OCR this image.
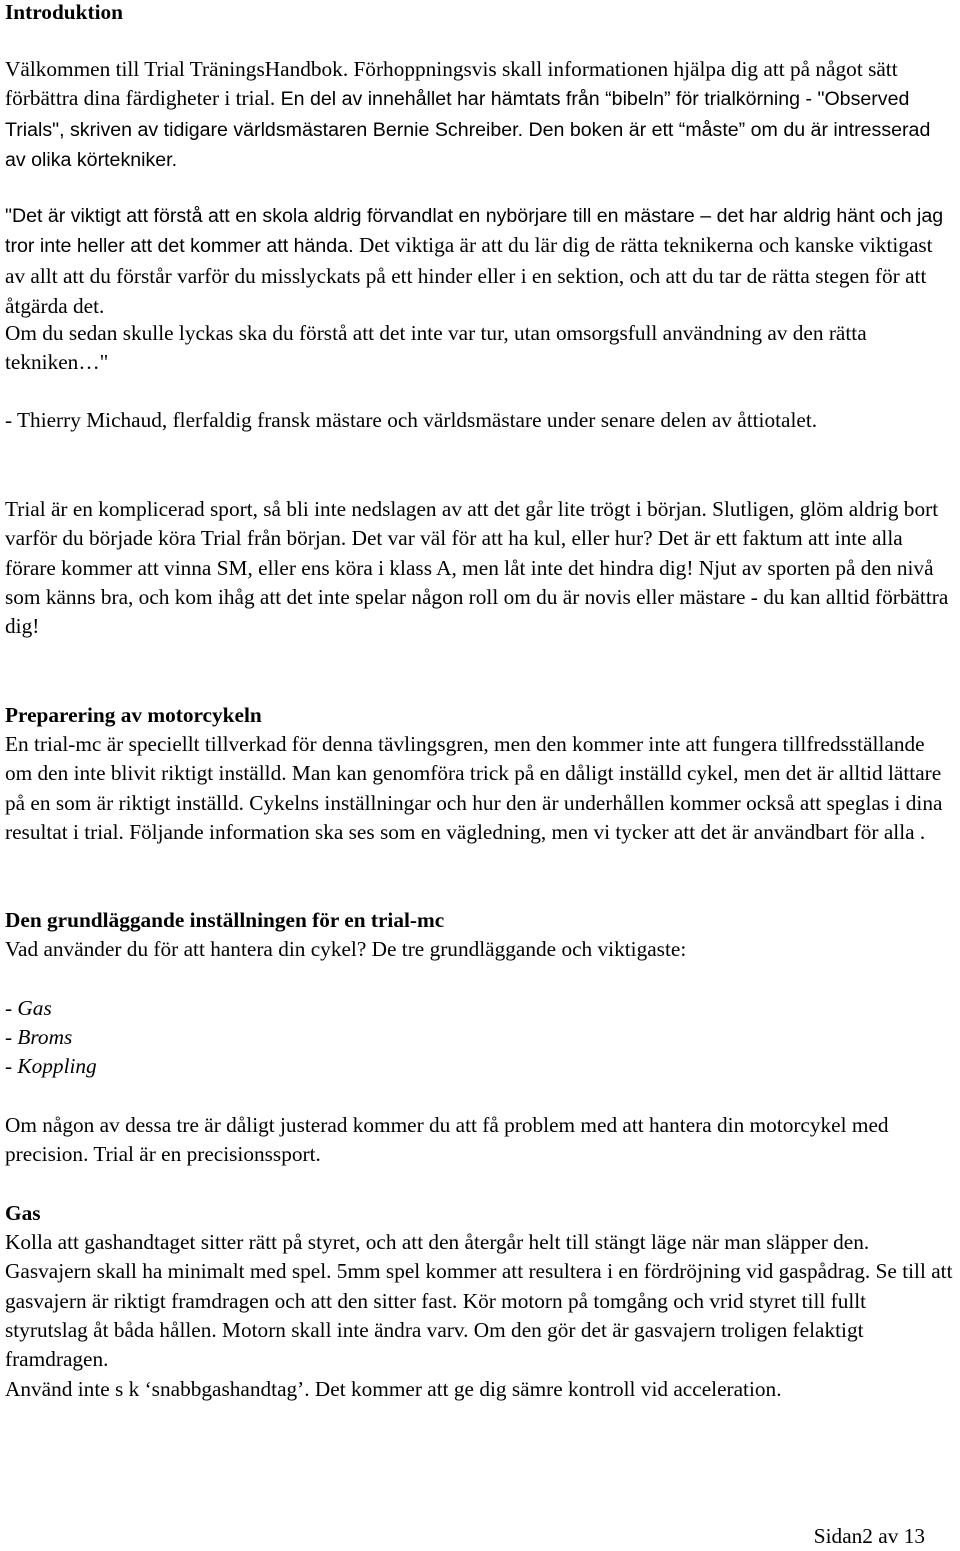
Introduktion
Välkommen till Trial TräningsHandbok. Förhoppningsvis skall informationen hjälpa dig att på något sätt förbättra dina färdigheter i trial. En del av innehållet har hämtats från “bibeln” för trialkörning - "Observed Trials", skriven av tidigare världsmästaren Bernie Schreiber. Den boken är ett “måste” om du är intresserad av olika körtekniker.
"Det är viktigt att förstå att en skola aldrig förvandlat en nybörjare till en mästare – det har aldrig hänt och jag tror inte heller att det kommer att hända. Det viktiga är att du lär dig de rätta teknikerna och kanske viktigast av allt att du förstår varför du misslyckats på ett hinder eller i en sektion, och att du tar de rätta stegen för att åtgärda det.
Om du sedan skulle lyckas ska du förstå att det inte var tur, utan omsorgsfull användning av den rätta tekniken…"
- Thierry Michaud, flerfaldig fransk mästare och världsmästare under senare delen av åttiotalet.
Trial är en komplicerad sport, så bli inte nedslagen av att det går lite trögt i början. Slutligen, glöm aldrig bort varför du började köra Trial från början. Det var väl för att ha kul, eller hur? Det är ett faktum att inte alla förare kommer att vinna SM, eller ens köra i klass A, men låt inte det hindra dig! Njut av sporten på den nivå som känns bra, och kom ihåg att det inte spelar någon roll om du är novis eller mästare - du kan alltid förbättra dig!
Preparering av motorcykeln
En trial-mc är speciellt tillverkad för denna tävlingsgren, men den kommer inte att fungera tillfredsställande om den inte blivit riktigt inställd. Man kan genomföra trick på en dåligt inställd cykel, men det är alltid lättare på en som är riktigt inställd. Cykelns inställningar och hur den är underhållen kommer också att speglas i dina resultat i trial. Följande information ska ses som en vägledning, men vi tycker att det är användbart för alla .
Den grundläggande inställningen för en trial-mc
Vad använder du för att hantera din cykel? De tre grundläggande och viktigaste:
- Gas
- Broms
- Koppling
Om någon av dessa tre är dåligt justerad kommer du att få problem med att hantera din motorcykel med precision. Trial är en precisionssport.
Gas
Kolla att gashandtaget sitter rätt på styret, och att den återgår helt till stängt läge när man släpper den. Gasvajern skall ha minimalt med spel. 5mm spel kommer att resultera i en fördröjning vid gaspådrag. Se till att gasvajern är riktigt framdragen och att den sitter fast. Kör motorn på tomgång och vrid styret till fullt styrutslag åt båda hållen. Motorn skall inte ändra varv. Om den gör det är gasvajern troligen felaktigt framdragen.
Använd inte s k ‘snabbgashandtag’. Det kommer att ge dig sämre kontroll vid acceleration.
Sidan2 av 13
